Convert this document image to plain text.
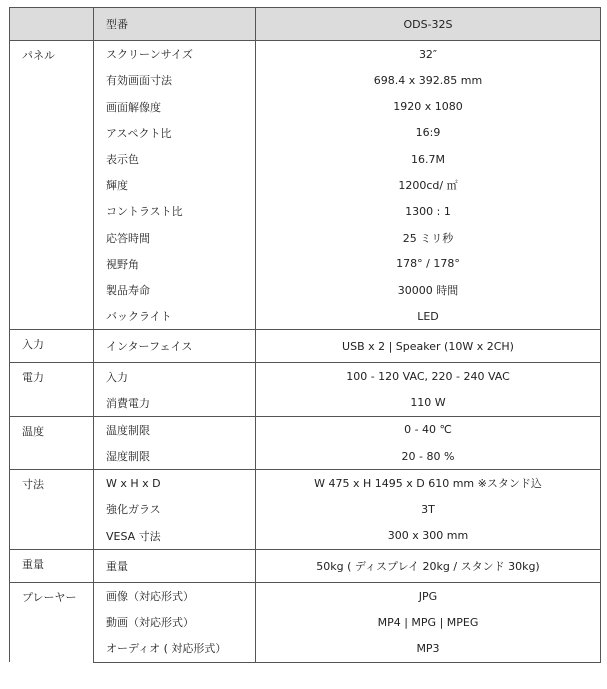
	型番	ODS-32S
パネル	スクリーンサイズ	32″
	有効画面寸法	698.4 x 392.85 mm
	画面解像度	1920 x 1080
	アスペクト比	16:9
	表示色	16.7M
	輝度	1200cd/ ㎡
	コントラスト比	1300 : 1
	応答時間	25 ミリ秒
	視野角	178° / 178°
	製品寿命	30000 時間
	バックライト	LED
入力	インターフェイス	USB x 2 | Speaker (10W x 2CH)
電力	入力	100 - 120 VAC, 220 - 240 VAC
	消費電力	110 W
温度	温度制限	0 - 40 ℃
	湿度制限	20 - 80 %
寸法	W x H x D	W 475 x H 1495 x D 610 mm ※スタンド込
	強化ガラス	3T
	VESA 寸法	300 x 300 mm
重量	重量	50kg ( ディスプレイ 20kg / スタンド 30kg)
プレーヤー	画像（対応形式）	JPG
	動画（対応形式）	MP4 | MPG | MPEG
	オーディオ ( 対応形式）	MP3
